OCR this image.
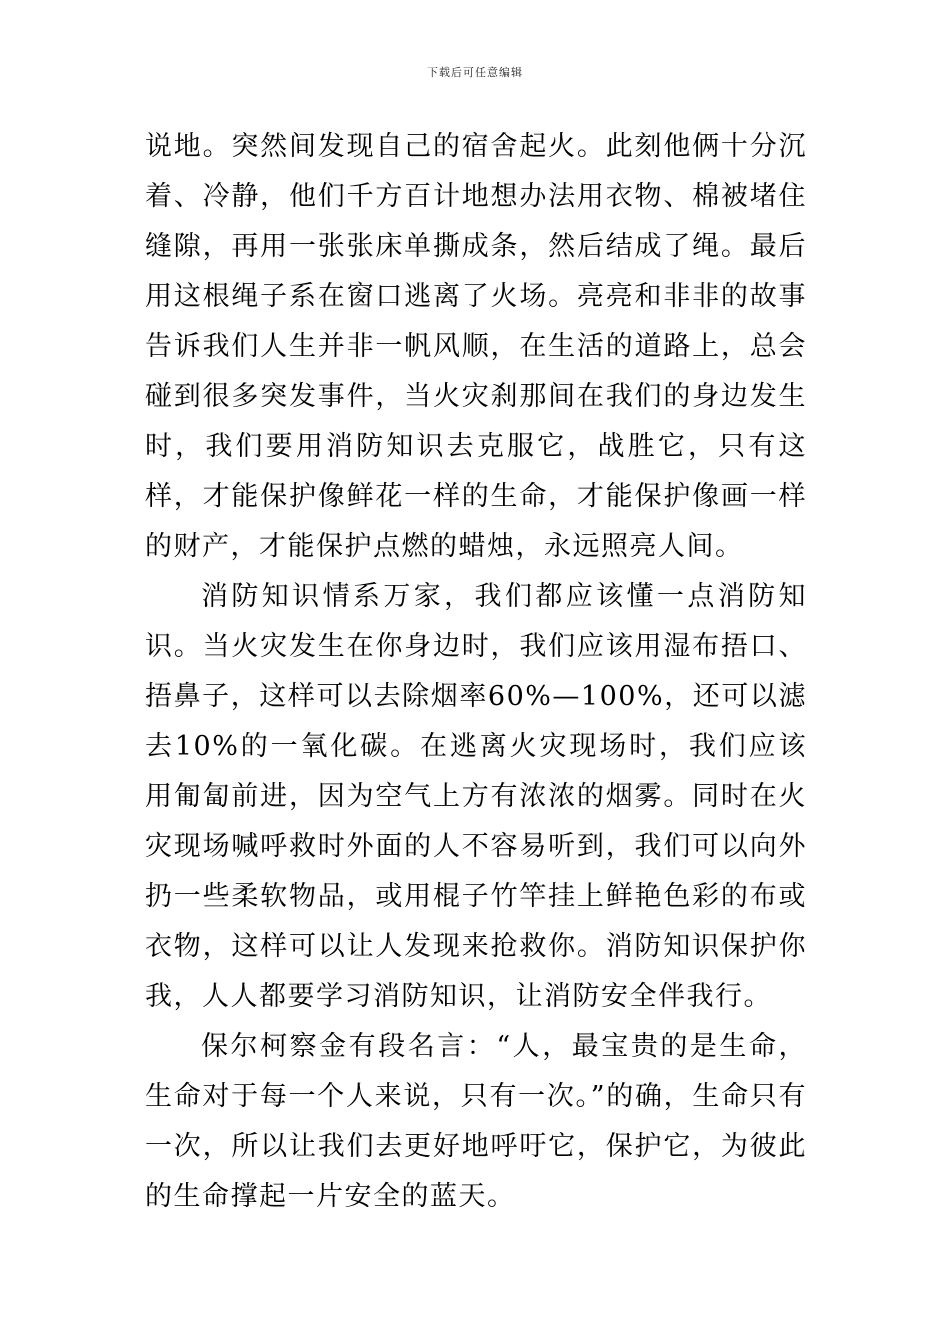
下载后可任意编辑

说地。突然间发现自己的宿舍起火。此刻他俩十分沉着、冷静，他们千方百计地想办法用衣物、棉被堵住缝隙，再用一张张床单撕成条，然后结成了绳。最后用这根绳子系在窗口逃离了火场。亮亮和非非的故事告诉我们人生并非一帆风顺，在生活的道路上，总会碰到很多突发事件，当火灾刹那间在我们的身边发生时，我们要用消防知识去克服它，战胜它，只有这样，才能保护像鲜花一样的生命，才能保护像画一样的财产，才能保护点燃的蜡烛，永远照亮人间。

消防知识情系万家，我们都应该懂一点消防知识。当火灾发生在你身边时，我们应该用湿布捂口、捂鼻子，这样可以去除烟率60%—100%，还可以滤去10%的一氧化碳。在逃离火灾现场时，我们应该用匍匐前进，因为空气上方有浓浓的烟雾。同时在火灾现场喊呼救时外面的人不容易听到，我们可以向外扔一些柔软物品，或用棍子竹竿挂上鲜艳色彩的布或衣物，这样可以让人发现来抢救你。消防知识保护你我，人人都要学习消防知识，让消防安全伴我行。

保尔柯察金有段名言：“人，最宝贵的是生命，生命对于每一个人来说，只有一次。”的确，生命只有一次，所以让我们去更好地呼吁它，保护它，为彼此的生命撑起一片安全的蓝天。
